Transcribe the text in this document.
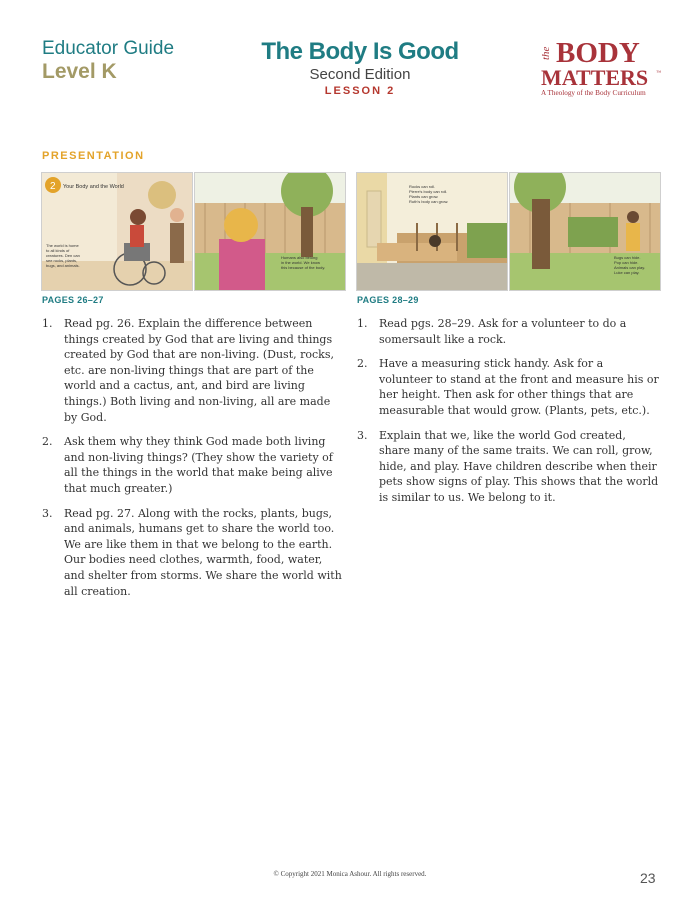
Educator Guide
Level K
The Body Is Good
Second Edition
LESSON 2
the BODY
MATTERS ™
A Theology of the Body Curriculum
PRESENTATION
2 Your Body and the World
The world is home
to all kinds of
creatures. Den can
see rocks, plants,
bugs, and animals.
Humans also belong
in the world. We know
this because of the body.
Rocks can roll.
Pierre's body can roll.
Plants can grow.
Ruth's body can grow.
Bugs can hide.
Pop can hide.
Animals can play.
Luke can play.
PAGES 26–27
1. Read pg. 26. Explain the difference between things created by God that are living and things created by God that are non-living. (Dust, rocks, etc. are non-living things that are part of the world and a cactus, ant, and bird are living things.) Both living and non-living, all are made by God.
2. Ask them why they think God made both living and non-living things? (They show the variety of all the things in the world that make being alive that much greater.)
3. Read pg. 27. Along with the rocks, plants, bugs, and animals, humans get to share the world too. We are like them in that we belong to the earth. Our bodies need clothes, warmth, food, water, and shelter from storms. We share the world with all creation.
PAGES 28–29
1. Read pgs. 28–29. Ask for a volunteer to do a somersault like a rock.
2. Have a measuring stick handy. Ask for a volunteer to stand at the front and measure his or her height. Then ask for other things that are measurable that would grow. (Plants, pets, etc.).
3. Explain that we, like the world God created, share many of the same traits. We can roll, grow, hide, and play. Have children describe when their pets show signs of play. This shows that the world is similar to us. We belong to it.
© Copyright 2021 Monica Ashour. All rights reserved.	23
